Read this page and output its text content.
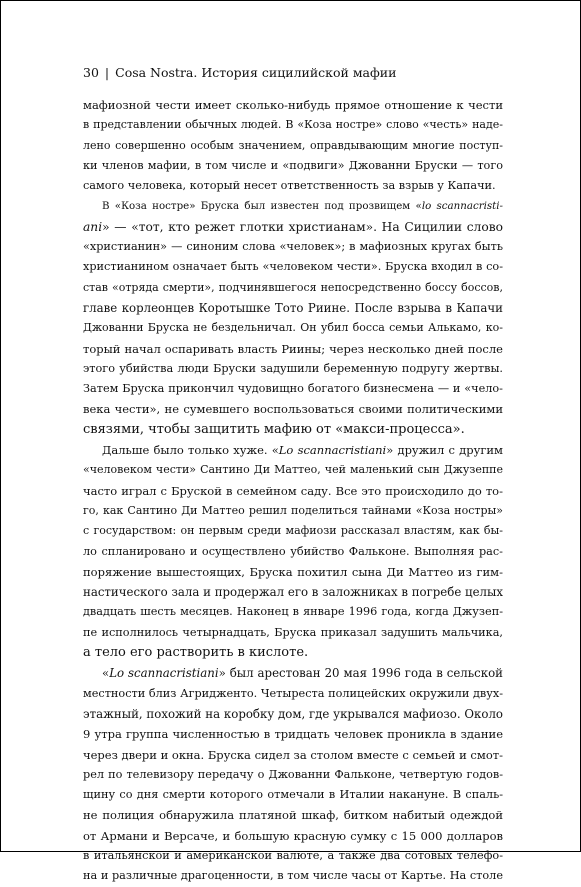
30 | Cosa Nostra. История сицилийской мафии
мафиозной чести имеет сколько-нибудь прямое отношение к чести
в представлении обычных людей. В «Коза ностре» слово «честь» наде-
лено совершенно особым значением, оправдывающим многие поступ-
ки членов мафии, в том числе и «подвиги» Джованни Бруски — того
самого человека, который несет ответственность за взрыв у Капачи.
В «Коза ностре» Бруска был известен под прозвищем «lo scannacristi-
ani» — «тот, кто режет глотки христианам». На Сицилии слово
«христианин» — синоним слова «человек»; в мафиозных кругах быть
христианином означает быть «человеком чести». Бруска входил в со-
став «отряда смерти», подчинявшегося непосредственно боссу боссов,
главе корлеонцев Коротышке Тото Риине. После взрыва в Капачи
Джованни Бруска не бездельничал. Он убил босса семьи Алькамо, ко-
торый начал оспаривать власть Риины; через несколько дней после
этого убийства люди Бруски задушили беременную подругу жертвы.
Затем Бруска прикончил чудовищно богатого бизнесмена — и «чело-
века чести», не сумевшего воспользоваться своими политическими
связями, чтобы защитить мафию от «макси-процесса».
Дальше было только хуже. «Lo scannacristiani» дружил с другим
«человеком чести» Сантино Ди Маттео, чей маленький сын Джузеппе
часто играл с Бруской в семейном саду. Все это происходило до то-
го, как Сантино Ди Маттео решил поделиться тайнами «Коза ностры»
с государством: он первым среди мафиози рассказал властям, как бы-
ло спланировано и осуществлено убийство Фальконе. Выполняя рас-
поряжение вышестоящих, Бруска похитил сына Ди Маттео из гим-
настического зала и продержал его в заложниках в погребе целых
двадцать шесть месяцев. Наконец в январе 1996 года, когда Джузеп-
пе исполнилось четырнадцать, Бруска приказал задушить мальчика,
а тело его растворить в кислоте.
«Lo scannacristiani» был арестован 20 мая 1996 года в сельской
местности близ Агридженто. Четыреста полицейских окружили двух-
этажный, похожий на коробку дом, где укрывался мафиозо. Около
9 утра группа численностью в тридцать человек проникла в здание
через двери и окна. Бруска сидел за столом вместе с семьей и смот-
рел по телевизору передачу о Джованни Фальконе, четвертую годов-
щину со дня смерти которого отмечали в Италии накануне. В спаль-
не полиция обнаружила платяной шкаф, битком набитый одеждой
от Армани и Версаче, и большую красную сумку с 15 000 долларов
в итальянской и американской валюте, а также два сотовых телефо-
на и различные драгоценности, в том числе часы от Картье. На столе
